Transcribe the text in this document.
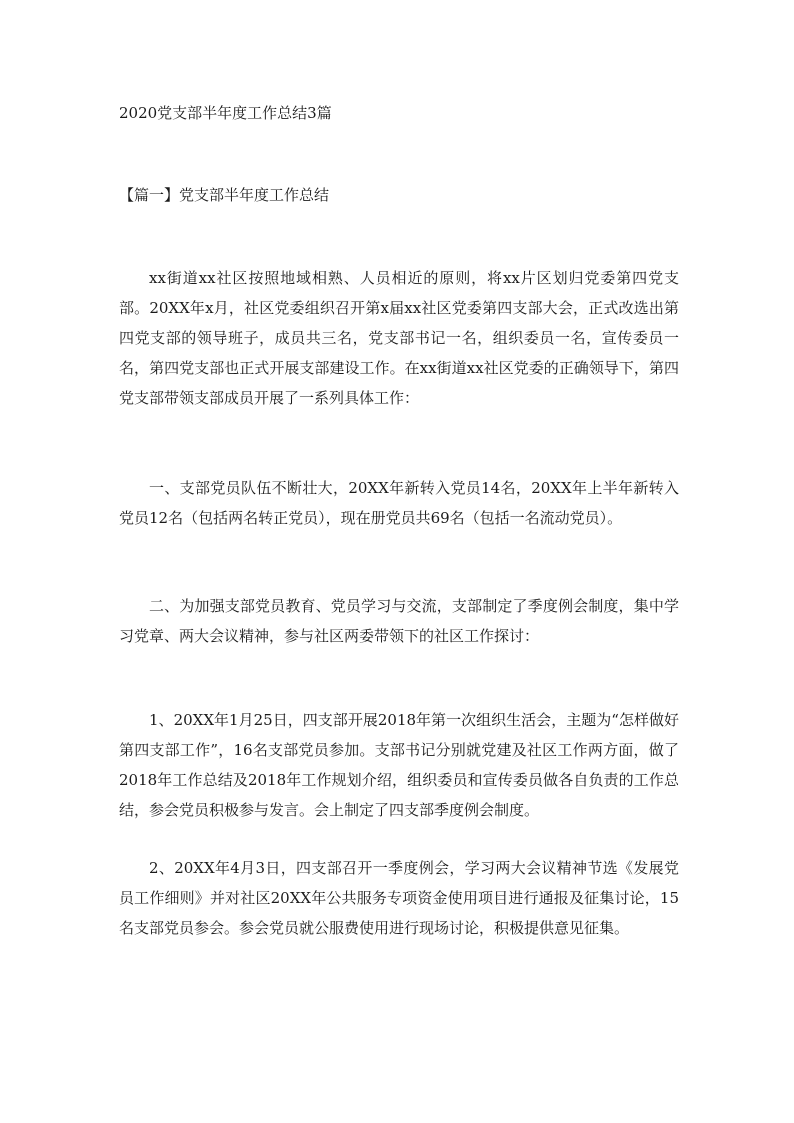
2020党支部半年度工作总结3篇
【篇一】党支部半年度工作总结

xx街道xx社区按照地域相熟、人员相近的原则，将xx片区划归党委第四党支部。20XX年x月，社区党委组织召开第x届xx社区党委第四支部大会，正式改选出第四党支部的领导班子，成员共三名，党支部书记一名，组织委员一名，宣传委员一名，第四党支部也正式开展支部建设工作。在xx街道xx社区党委的正确领导下，第四党支部带领支部成员开展了一系列具体工作：

一、支部党员队伍不断壮大，20XX年新转入党员14名，20XX年上半年新转入党员12名（包括两名转正党员），现在册党员共69名（包括一名流动党员）。

二、为加强支部党员教育、党员学习与交流，支部制定了季度例会制度，集中学习党章、两大会议精神，参与社区两委带领下的社区工作探讨：

1、20XX年1月25日，四支部开展2018年第一次组织生活会，主题为“怎样做好第四支部工作”，16名支部党员参加。支部书记分别就党建及社区工作两方面，做了2018年工作总结及2018年工作规划介绍，组织委员和宣传委员做各自负责的工作总结，参会党员积极参与发言。会上制定了四支部季度例会制度。

2、20XX年4月3日，四支部召开一季度例会，学习两大会议精神节选《发展党员工作细则》并对社区20XX年公共服务专项资金使用项目进行通报及征集讨论，15名支部党员参会。参会党员就公服费使用进行现场讨论，积极提供意见征集。
